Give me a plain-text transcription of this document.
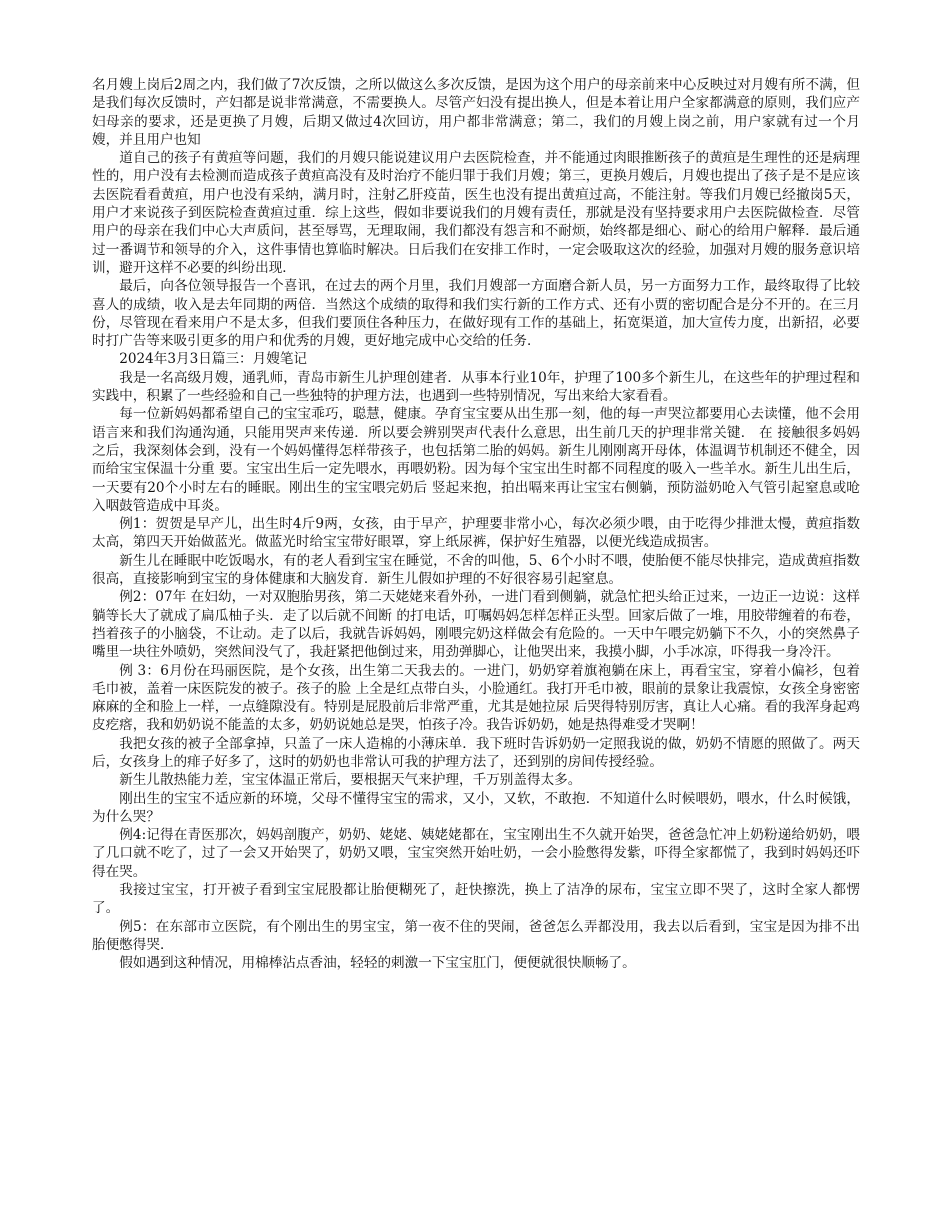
名月嫂上岗后2周之内，我们做了7次反馈，之所以做这么多次反馈，是因为这个用户的母亲前来中心反映过对月嫂有所不满，但是我们每次反馈时，产妇都是说非常满意，不需要换人。尽管产妇没有提出换人，但是本着让用户全家都满意的原则，我们应产妇母亲的要求，还是更换了月嫂，后期又做过4次回访，用户都非常满意；第二，我们的月嫂上岗之前，用户家就有过一个月嫂，并且用户也知

道自己的孩子有黄疸等问题，我们的月嫂只能说建议用户去医院检查，并不能通过肉眼推断孩子的黄疸是生理性的还是病理性的，用户没有去检测而造成孩子黄疸高没有及时治疗不能归罪于我们月嫂；第三，更换月嫂后，月嫂也提出了孩子是不是应该去医院看看黄疸，用户也没有采纳，满月时，注射乙肝疫苗，医生也没有提出黄疸过高，不能注射。等我们月嫂已经撤岗5天，用户才来说孩子到医院检查黄疸过重．综上这些，假如非要说我们的月嫂有责任，那就是没有坚持要求用户去医院做检查．尽管用户的母亲在我们中心大声质问，甚至辱骂，无理取闹，我们都没有怨言和不耐烦，始终都是细心、耐心的给用户解释．最后通过一番调节和领导的介入，这件事情也算临时解决。日后我们在安排工作时，一定会吸取这次的经验，加强对月嫂的服务意识培训，避开这样不必要的纠纷出现．

最后，向各位领导报告一个喜讯，在过去的两个月里，我们月嫂部一方面磨合新人员，另一方面努力工作，最终取得了比较喜人的成绩，收入是去年同期的两倍．当然这个成绩的取得和我们实行新的工作方式、还有小贾的密切配合是分不开的。在三月份，尽管现在看来用户不是太多，但我们要顶住各种压力，在做好现有工作的基础上，拓宽渠道，加大宣传力度，出新招，必要时打广告等来吸引更多的用户和优秀的月嫂，更好地完成中心交给的任务．

2024年3月3日篇三：月嫂笔记

我是一名高级月嫂，通乳师，青岛市新生儿护理创建者．从事本行业10年，护理了100多个新生儿，在这些年的护理过程和实践中，积累了一些经验和自己一些独特的护理方法，也遇到一些特别情况，写出来给大家看看。

每一位新妈妈都希望自己的宝宝乖巧，聪慧，健康。孕育宝宝要从出生那一刻，他的每一声哭泣都要用心去读懂，他不会用语言来和我们沟通沟通，只能用哭声来传递．所以要会辨别哭声代表什么意思，出生前几天的护理非常关键． 在 接触很多妈妈之后，我深刻体会到，没有一个妈妈懂得怎样带孩子，也包括第二胎的妈妈。新生儿刚刚离开母体，体温调节机制还不健全，因而给宝宝保温十分重 要。宝宝出生后一定先喂水，再喂奶粉。因为每个宝宝出生时都不同程度的吸入一些羊水。新生儿出生后，一天要有20个小时左右的睡眠。刚出生的宝宝喂完奶后 竖起来抱，拍出嗝来再让宝宝右侧躺，预防溢奶呛入气管引起窒息或呛入咽鼓管造成中耳炎。

例1：贺贺是早产儿，出生时4斤9两，女孩，由于早产，护理要非常小心，每次必须少喂，由于吃得少排泄太慢，黄疸指数太高，第四天开始做蓝光。做蓝光时给宝宝带好眼罩，穿上纸尿裤，保护好生殖器，以便光线造成损害。

新生儿在睡眠中吃饭喝水，有的老人看到宝宝在睡觉，不舍的叫他，5、6个小时不喂，使胎便不能尽快排完，造成黄疸指数很高，直接影响到宝宝的身体健康和大脑发育．新生儿假如护理的不好很容易引起窒息。

例2：07年 在妇幼，一对双胞胎男孩，第二天姥姥来看外孙，一进门看到侧躺，就急忙把头给正过来，一边正一边说：这样躺等长大了就成了扁瓜柚子头．走了以后就不间断 的打电话，叮嘱妈妈怎样怎样正头型。回家后做了一堆，用胶带缠着的布卷，挡着孩子的小脑袋，不让动。走了以后，我就告诉妈妈，刚喂完奶这样做会有危险的。一天中午喂完奶躺下不久，小的突然鼻子嘴里一块往外喷奶，突然间没气了，我赶紧把他倒过来，用劲弹脚心，让他哭出来，我摸小脚，小手冰凉，吓得我一身冷汗。

例 3：6月份在玛丽医院，是个女孩，出生第二天我去的。一进门，奶奶穿着旗袍躺在床上，再看宝宝，穿着小偏衫，包着毛巾被，盖着一床医院发的被子。孩子的脸 上全是红点带白头，小脸通红。我打开毛巾被，眼前的景象让我震惊，女孩全身密密麻麻的全和脸上一样，一点缝隙没有。特别是屁股前后非常严重，尤其是她拉尿 后哭得特别厉害，真让人心痛。看的我浑身起鸡皮疙瘩，我和奶奶说不能盖的太多，奶奶说她总是哭，怕孩子冷。我告诉奶奶，她是热得难受才哭啊！

我把女孩的被子全部拿掉，只盖了一床人造棉的小薄床单．我下班时告诉奶奶一定照我说的做，奶奶不情愿的照做了。两天后，女孩身上的痱子好多了，这时的奶奶也非常认可我的护理方法了，还到别的房间传授经验。

新生儿散热能力差，宝宝体温正常后，要根据天气来护理，千万别盖得太多。

刚出生的宝宝不适应新的环境，父母不懂得宝宝的需求，又小，又软，不敢抱．不知道什么时候喂奶，喂水，什么时候饿，为什么哭？

例4:记得在青医那次，妈妈剖腹产，奶奶、姥姥、姨姥姥都在，宝宝刚出生不久就开始哭，爸爸急忙冲上奶粉递给奶奶，喂了几口就不吃了，过了一会又开始哭了，奶奶又喂，宝宝突然开始吐奶，一会小脸憋得发紫，吓得全家都慌了，我到时妈妈还吓得在哭。

我接过宝宝，打开被子看到宝宝屁股都让胎便糊死了，赶快擦洗，换上了洁净的尿布，宝宝立即不哭了，这时全家人都愣了。

例5：在东部市立医院，有个刚出生的男宝宝，第一夜不住的哭闹，爸爸怎么弄都没用，我去以后看到，宝宝是因为排不出胎便憋得哭．

假如遇到这种情况，用棉棒沾点香油，轻轻的刺激一下宝宝肛门，便便就很快顺畅了。
